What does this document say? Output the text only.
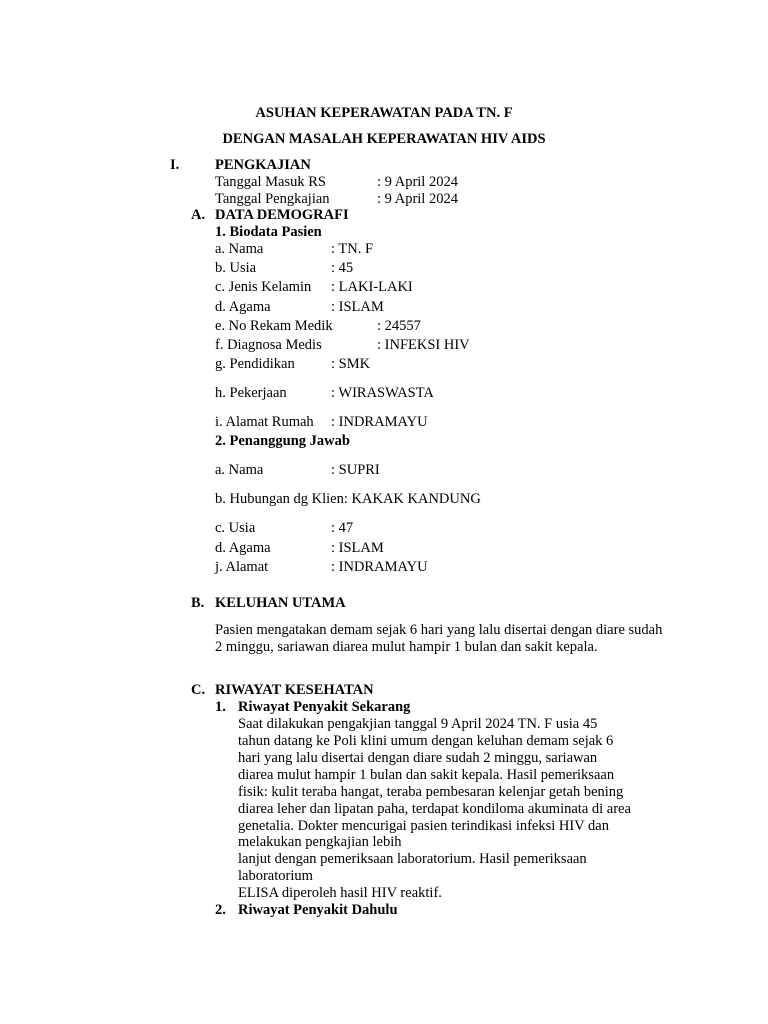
ASUHAN KEPERAWATAN PADA TN. F
DENGAN MASALAH KEPERAWATAN HIV AIDS
I. PENGKAJIAN
Tanggal Masuk RS	: 9 April 2024
Tanggal Pengkajian	: 9 April 2024
A. DATA DEMOGRAFI
1. Biodata Pasien
a. Nama	: TN. F
b. Usia	: 45
c. Jenis Kelamin : LAKI-LAKI
d. Agama	: ISLAM
e. No Rekam Medik	: 24557
f. Diagnosa Medis	: INFEKSI HIV
g. Pendidikan	: SMK
h. Pekerjaan	: WIRASWASTA
i. Alamat Rumah : INDRAMAYU
2. Penanggung Jawab
a. Nama	: SUPRI
b. Hubungan dg Klien: KAKAK KANDUNG
c. Usia	: 47
d. Agama	: ISLAM
j. Alamat	: INDRAMAYU
B. KELUHAN UTAMA
Pasien mengatakan demam sejak 6 hari yang lalu disertai dengan diare sudah 2 minggu, sariawan diarea mulut hampir 1 bulan dan sakit kepala.
C. RIWAYAT KESEHATAN
1. Riwayat Penyakit Sekarang
Saat dilakukan pengakjian tanggal 9 April 2024 TN. F usia 45
tahun datang ke Poli klini umum dengan keluhan demam sejak 6
hari yang lalu disertai dengan diare sudah 2 minggu, sariawan
diarea mulut hampir 1 bulan dan sakit kepala. Hasil pemeriksaan
fisik: kulit teraba hangat, teraba pembesaran kelenjar getah bening
diarea leher dan lipatan paha, terdapat kondiloma akuminata di area
genetalia. Dokter mencurigai pasien terindikasi infeksi HIV dan
melakukan pengkajian lebih
lanjut dengan pemeriksaan laboratorium. Hasil pemeriksaan
laboratorium
ELISA diperoleh hasil HIV reaktif.
2. Riwayat Penyakit Dahulu
